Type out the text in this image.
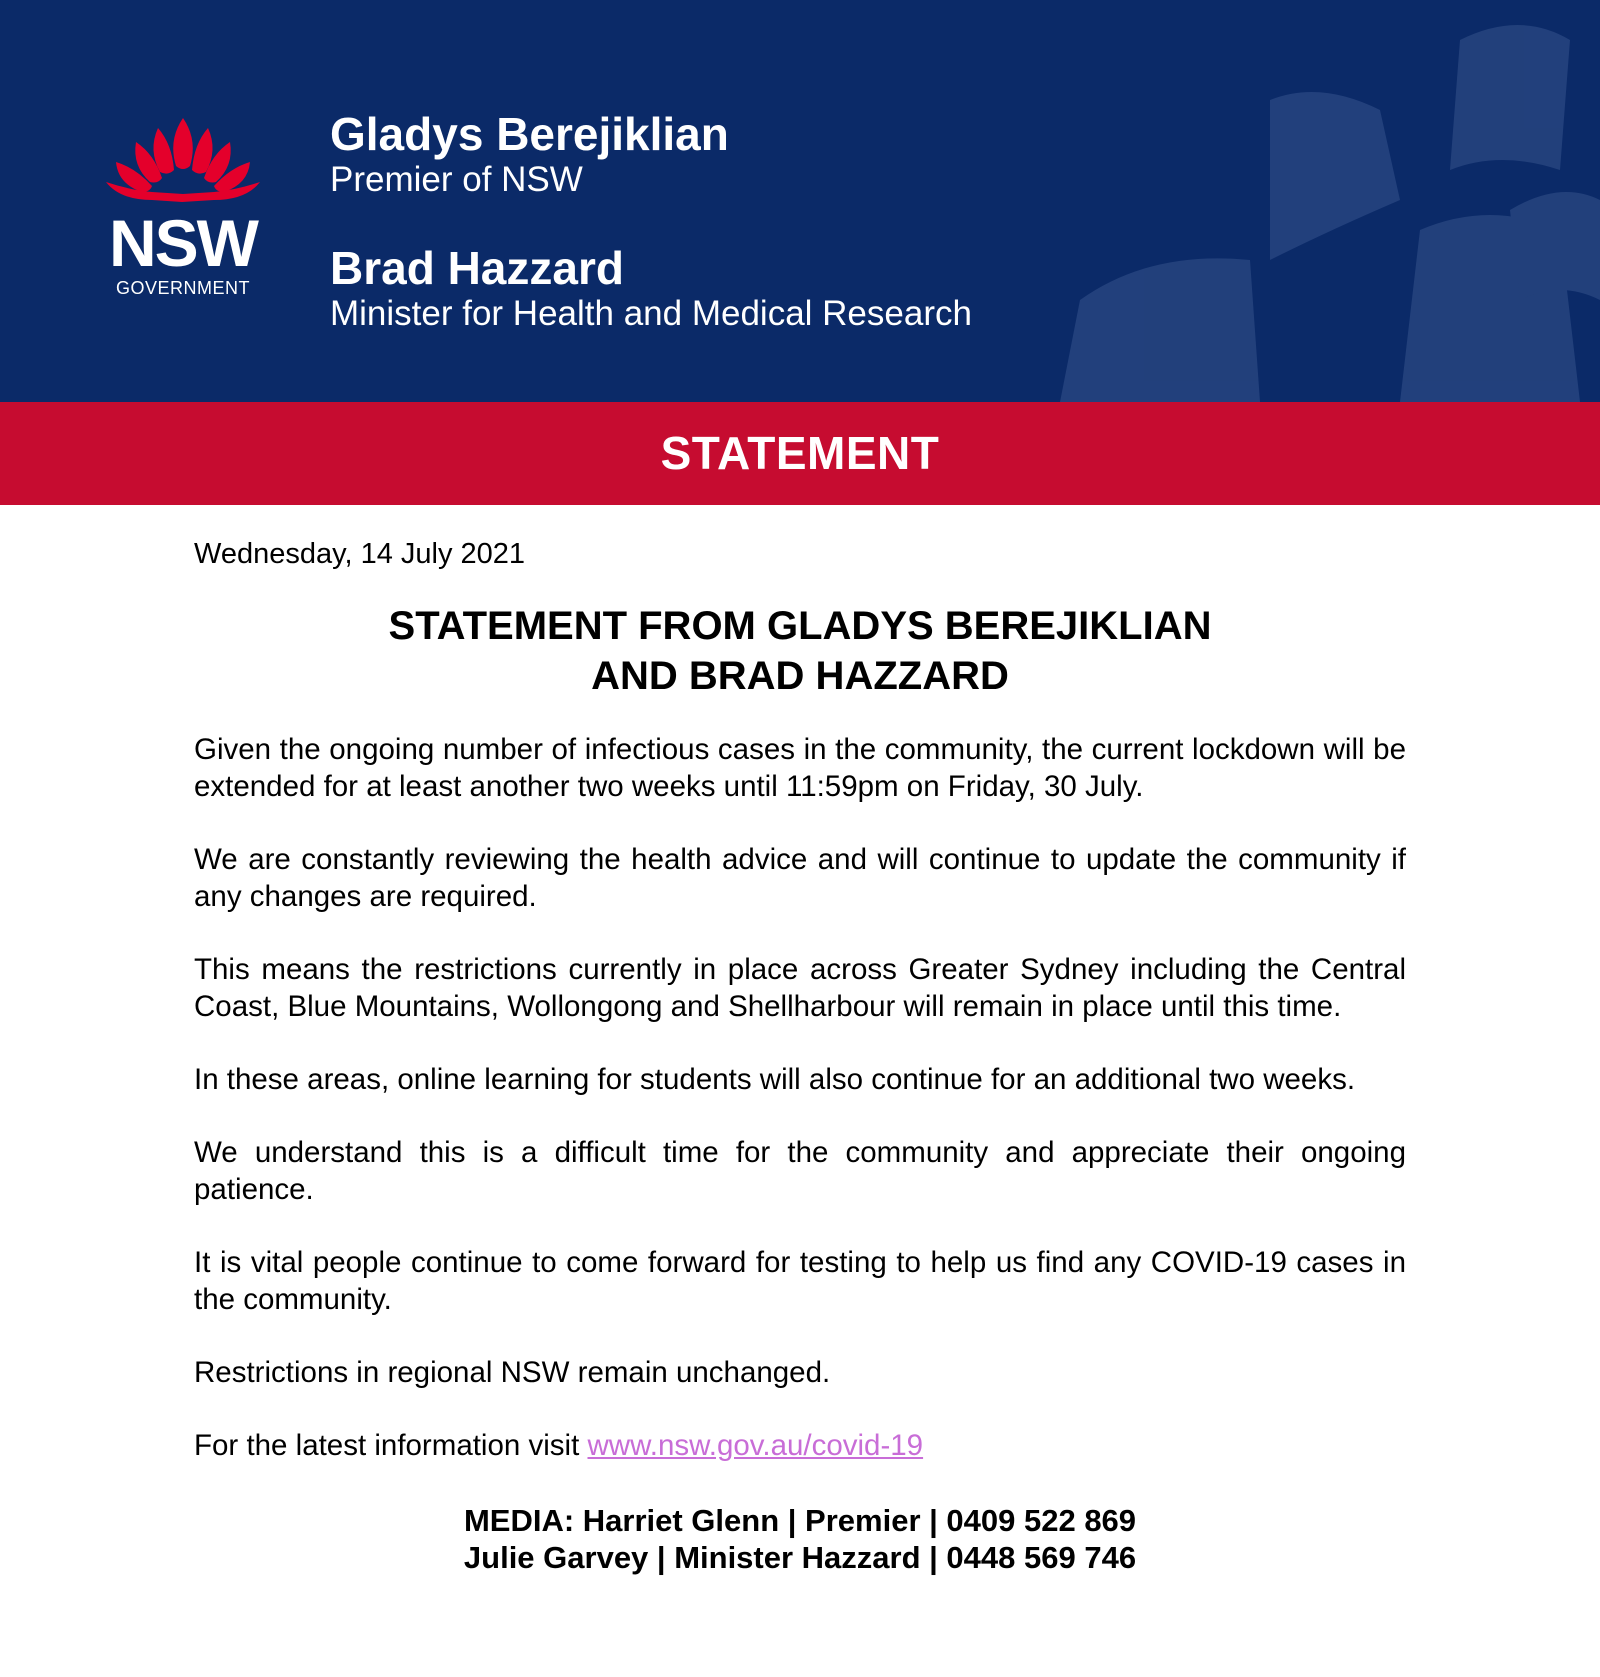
NSW
GOVERNMENT
Gladys Berejiklian
Premier of NSW
Brad Hazzard
Minister for Health and Medical Research
STATEMENT

Wednesday, 14 July 2021

STATEMENT FROM GLADYS BEREJIKLIAN
AND BRAD HAZZARD

Given the ongoing number of infectious cases in the community, the current lockdown will be extended for at least another two weeks until 11:59pm on Friday, 30 July.

We are constantly reviewing the health advice and will continue to update the community if any changes are required.

This means the restrictions currently in place across Greater Sydney including the Central Coast, Blue Mountains, Wollongong and Shellharbour will remain in place until this time.

In these areas, online learning for students will also continue for an additional two weeks.

We understand this is a difficult time for the community and appreciate their ongoing patience.

It is vital people continue to come forward for testing to help us find any COVID-19 cases in the community.

Restrictions in regional NSW remain unchanged.

For the latest information visit www.nsw.gov.au/covid-19

MEDIA: Harriet Glenn | Premier | 0409 522 869
Julie Garvey | Minister Hazzard | 0448 569 746
